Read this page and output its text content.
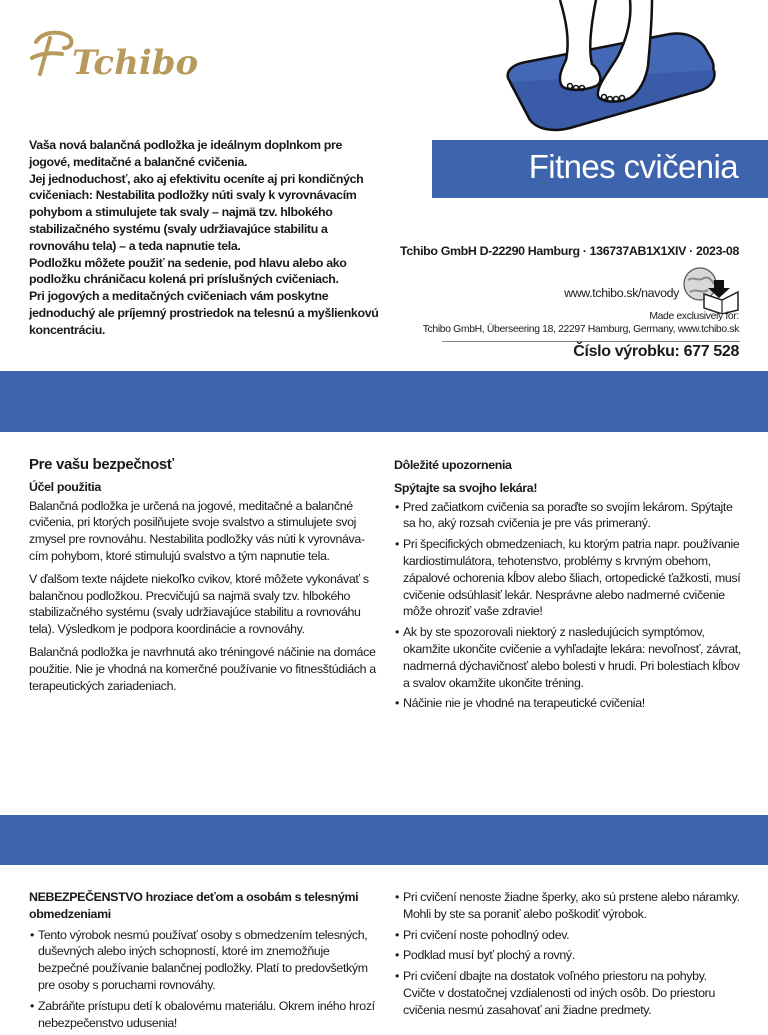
Tchibo
Fitnes cvičenia

Vaša nová balančná podložka je ideálnym doplnkom pre jogové, meditačné a balančné cvičenia.

Jej jednoduchosť, ako aj efektivitu oceníte aj pri kondičných cvičeniach: Nestabilita podložky núti svaly k vyrovnávacím pohybom a stimulujete tak svaly – najmä tzv. hlbokého stabilizačného systému (svaly udržiavajúce stabilitu a rovnováhu tela) – a teda napnutie tela.

Podložku môžete použiť na sedenie, pod hlavu alebo ako podložku chráničacu kolená pri príslušných cvičeniach.

Pri jogových a meditačných cvičeniach vám poskytne jednoduchý ale príjemný prostriedok na telesnú a myšlienkovú koncentráciu.

Tchibo GmbH D-22290 Hamburg · 136737AB1X1XIV · 2023-08
www.tchibo.sk/navody
Made exclusively for:
Tchibo GmbH, Überseering 18, 22297 Hamburg, Germany, www.tchibo.sk
Číslo výrobku: 677 528
Pre vašu bezpečnosť
Účel použitia

Balančná podložka je určená na jogové, meditačné a balančné cvičenia, pri ktorých posilňujete svoje svalstvo a stimulujete svoj zmysel pre rovnováhu. Nestabilita podložky vás núti k vyrovnávacím pohybom, ktoré stimulujú svalstvo a tým napnutie tela.

V ďalšom texte nájdete niekoľko cvikov, ktoré môžete vykonávať s balančnou podložkou. Precvičujú sa najmä svaly tzv. hlbokého stabilizačného systému (svaly udržiavajúce stabilitu a rovnováhu tela). Výsledkom je podpora koordinácie a rovnováhy.

Balančná podložka je navrhnutá ako tréningové náčinie na domáce použitie. Nie je vhodná na komerčné používanie vo fitnesštúdiách a terapeutických zariadeniach.

Dôležité upozornenia
Spýtajte sa svojho lekára!
• Pred začiatkom cvičenia sa poraďte so svojím lekárom. Spýtajte sa ho, aký rozsah cvičenia je pre vás primeraný.
• Pri špecifických obmedzeniach, ku ktorým patria napr. používanie kardiostimulátora, tehotenstvo, problémy s krvným obehom, zápalové ochorenia kĺbov alebo šliach, ortopedické ťažkosti, musí cvičenie odsúhlasiť lekár. Nesprávne alebo nadmerné cvičenie môže ohroziť vaše zdravie!
• Ak by ste spozorovali niektorý z nasledujúcich symptómov, okamžite ukončite cvičenie a vyhľadajte lekára: nevoľnosť, závrat, nadmerná dýchavičnosť alebo bolesti v hrudi. Pri bolestiach kĺbov a svalov okamžite ukončite tréning.
• Náčinie nie je vhodné na terapeutické cvičenia!
NEBEZPEČENSTVO hroziace deťom a osobám s telesnými obmedzeniami
• Tento výrobok nesmú používať osoby s obmedzením telesných, duševných alebo iných schopností, ktoré im znemožňuje bezpečné používanie balančnej podložky. Platí to predovšetkým pre osoby s poruchami rovnováhy.
• Zabráňte prístupu detí k obalovému materiálu. Okrem iného hrozí nebezpečenstvo udusenia!
• Pri cvičení nenoste žiadne šperky, ako sú prstene alebo náramky. Mohli by ste sa poraniť alebo poškodiť výrobok.
• Pri cvičení noste pohodlný odev.
• Podklad musí byť plochý a rovný.
• Pri cvičení dbajte na dostatok voľného priestoru na pohyby. Cvičte v dostatočnej vzdialenosti od iných osôb. Do priestoru cvičenia nesmú zasahovať ani žiadne predmety.
